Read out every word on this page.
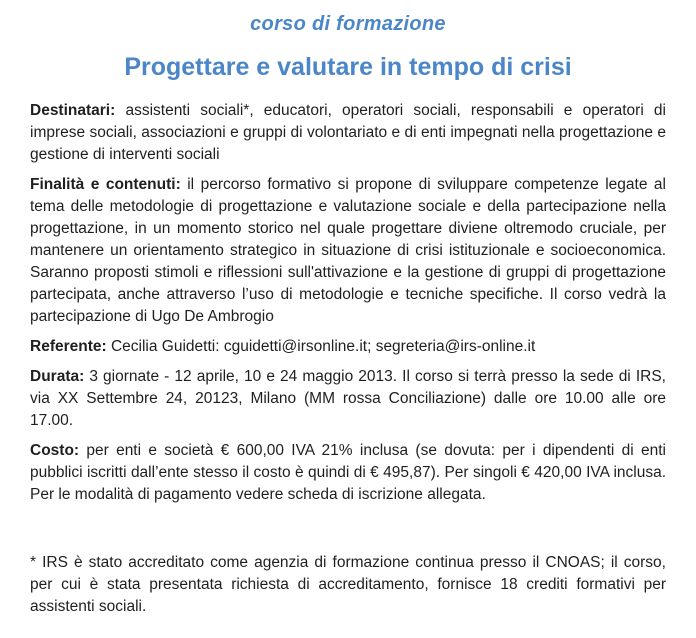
corso di formazione

Progettare e valutare in tempo di crisi

Destinatari: assistenti sociali*, educatori, operatori sociali, responsabili e operatori di imprese sociali, associazioni e gruppi di volontariato e di enti impegnati nella progettazione e gestione di interventi sociali

Finalità e contenuti: il percorso formativo si propone di sviluppare competenze legate al tema delle metodologie di progettazione e valutazione sociale e della partecipazione nella progettazione, in un momento storico nel quale progettare diviene oltremodo cruciale, per mantenere un orientamento strategico in situazione di crisi istituzionale e socioeconomica. Saranno proposti stimoli e riflessioni sull'attivazione e la gestione di gruppi di progettazione partecipata, anche attraverso l’uso di metodologie e tecniche specifiche. Il corso vedrà la partecipazione di Ugo De Ambrogio

Referente: Cecilia Guidetti: cguidetti@irsonline.it; segreteria@irs-online.it

Durata: 3 giornate - 12 aprile, 10 e 24 maggio 2013. Il corso si terrà presso la sede di IRS, via XX Settembre 24, 20123, Milano (MM rossa Conciliazione) dalle ore 10.00 alle ore 17.00.

Costo: per enti e società € 600,00 IVA 21% inclusa (se dovuta: per i dipendenti di enti pubblici iscritti dall’ente stesso il costo è quindi di € 495,87). Per singoli € 420,00 IVA inclusa. Per le modalità di pagamento vedere scheda di iscrizione allegata.

* IRS è stato accreditato come agenzia di formazione continua presso il CNOAS; il corso, per cui è stata presentata richiesta di accreditamento, fornisce 18 crediti formativi per assistenti sociali.
